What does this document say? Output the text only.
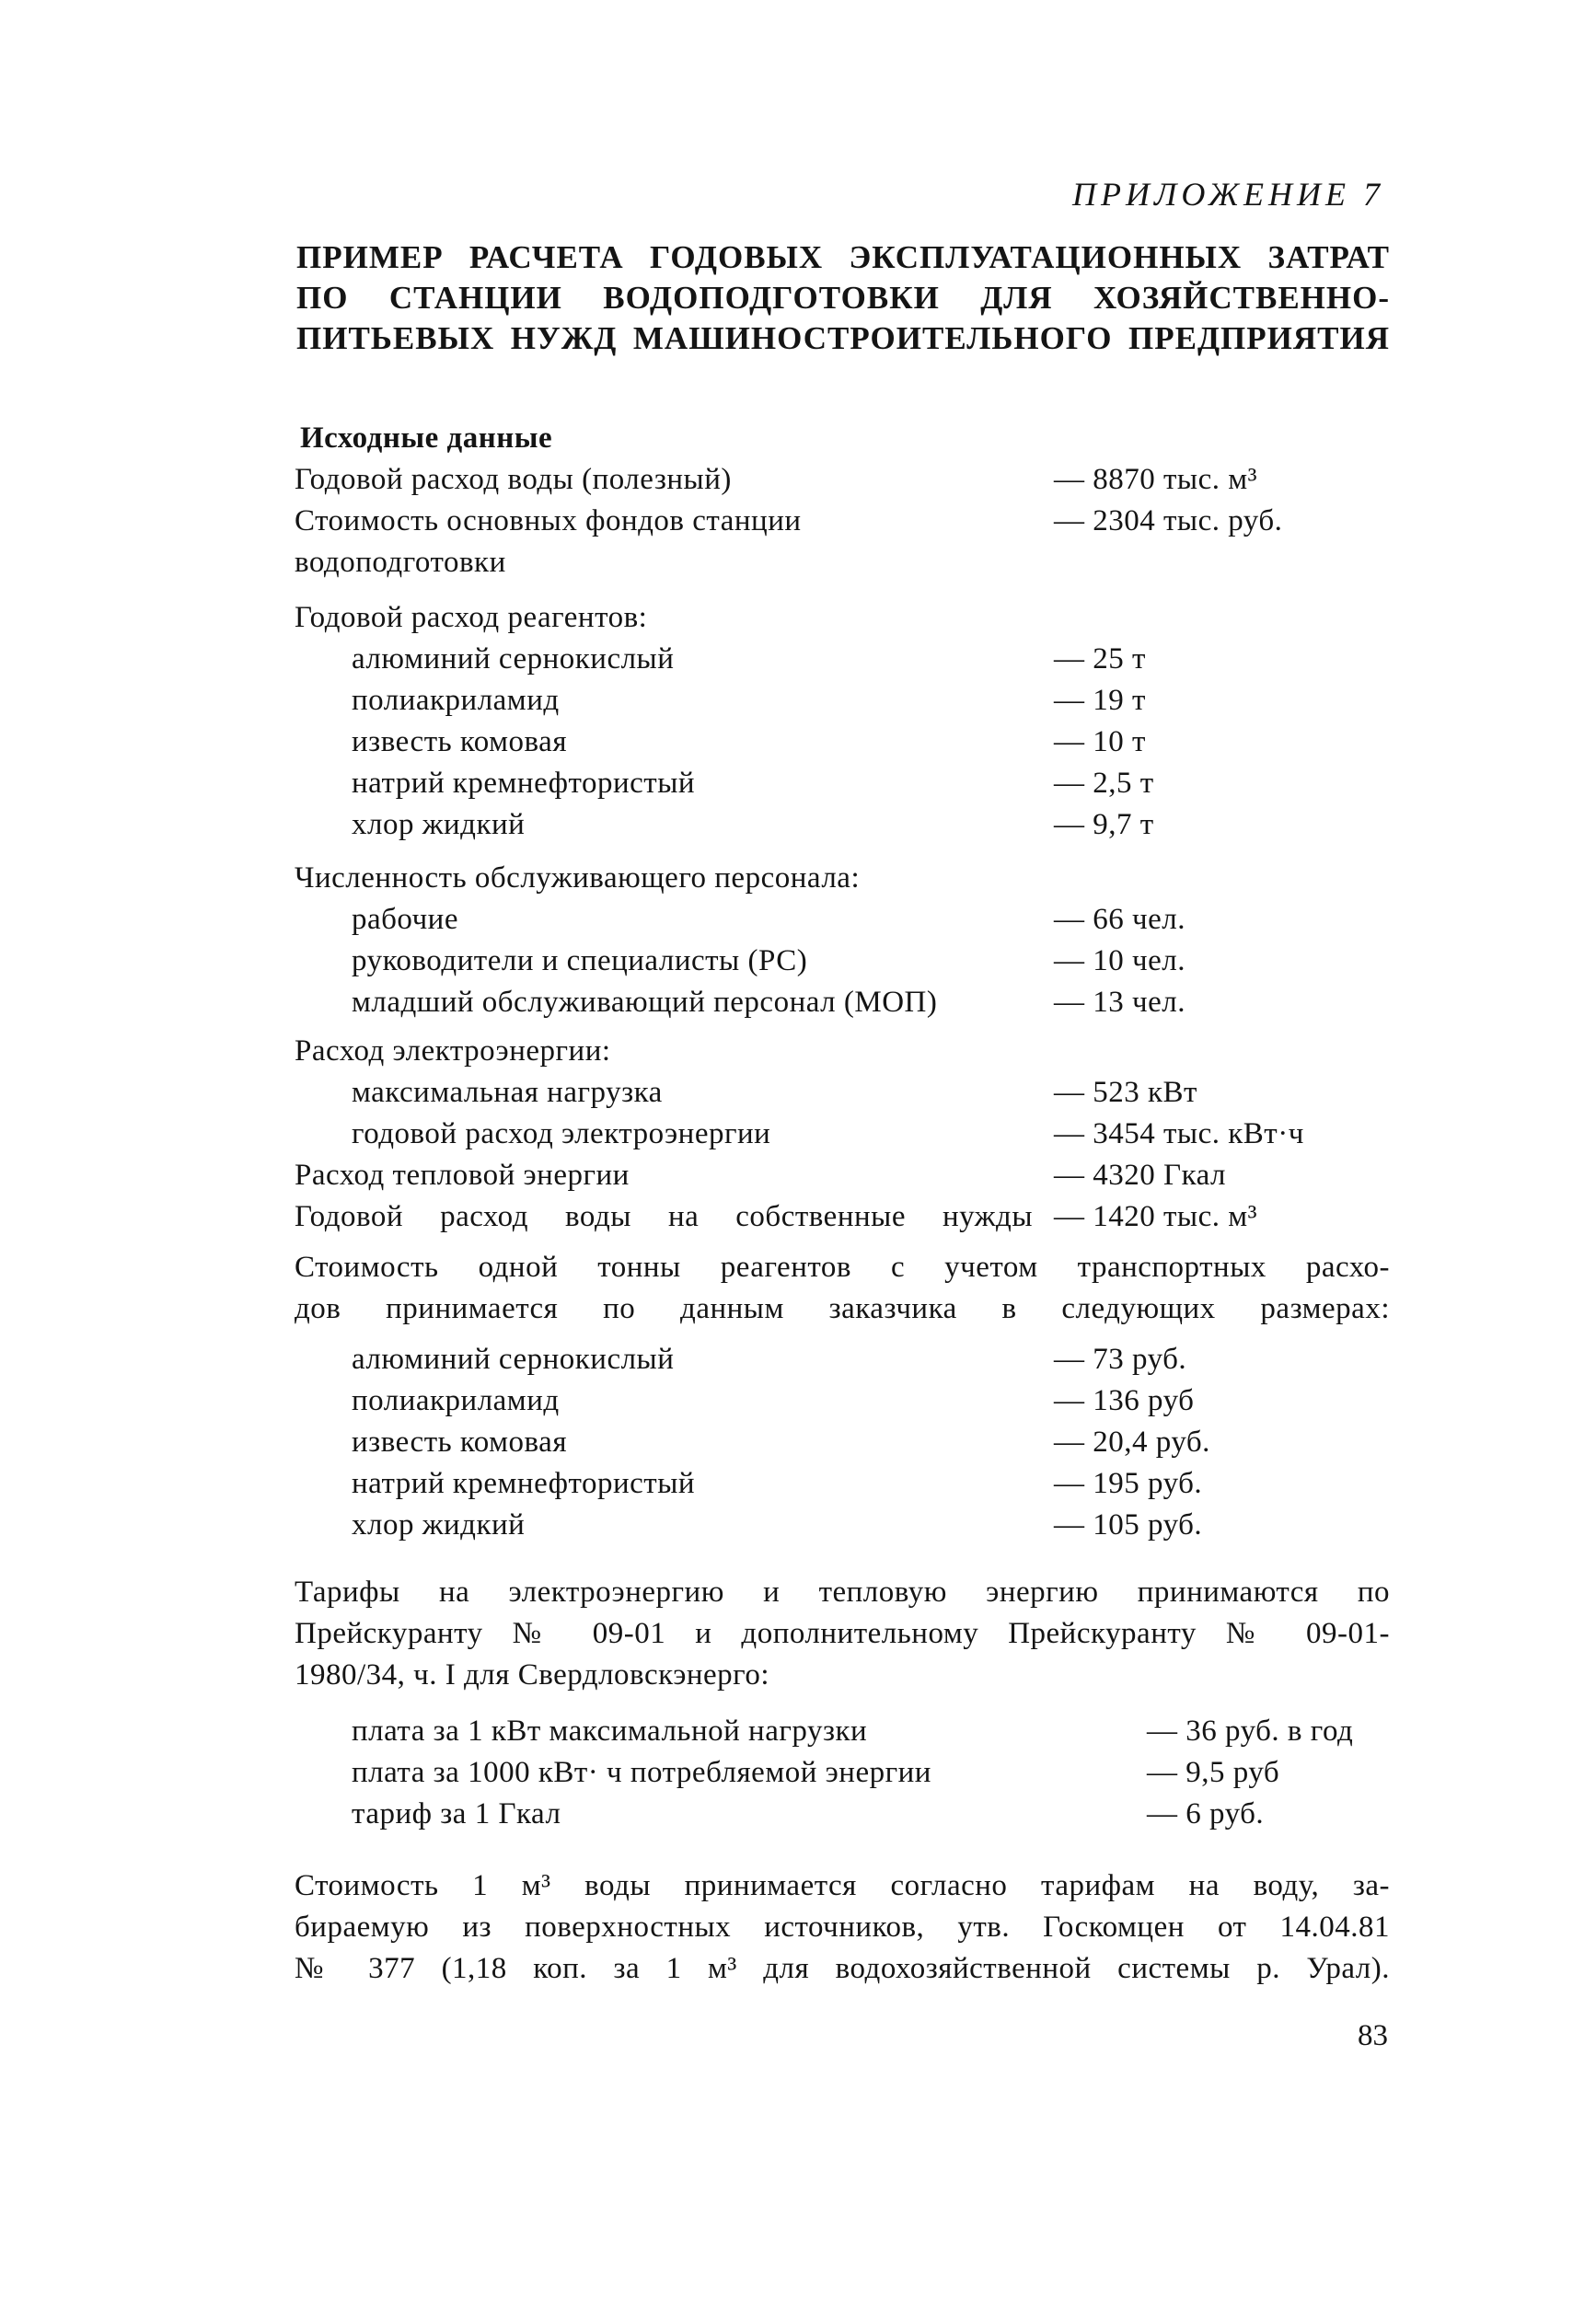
ПРИЛОЖЕНИЕ 7
ПРИМЕР РАСЧЕТА ГОДОВЫХ ЭКСПЛУАТАЦИОННЫХ ЗАТРАТ
ПО СТАНЦИИ ВОДОПОДГОТОВКИ ДЛЯ ХОЗЯЙСТВЕННО-
ПИТЬЕВЫХ НУЖД МАШИНОСТРОИТЕЛЬНОГО ПРЕДПРИЯТИЯ
Исходные данные
Годовой расход воды (полезный)	— 8870 тыс. м³
Стоимость основных фондов станции	— 2304 тыс. руб.
водоподготовки
Годовой расход реагентов:
алюминий сернокислый	— 25 т
полиакриламид	— 19 т
известь комовая	— 10 т
натрий кремнефтористый	— 2,5 т
хлор жидкий	— 9,7 т
Численность обслуживающего персонала:
рабочие	— 66 чел.
руководители и специалисты (РС)	— 10 чел.
младший обслуживающий персонал (МОП)	— 13 чел.
Расход электроэнергии:
максимальная нагрузка	— 523 кВт
годовой расход электроэнергии	— 3454 тыс. кВт·ч
Расход тепловой энергии	— 4320 Гкал
Годовой расход воды на собственные нужды — 1420 тыс. м³
Стоимость одной тонны реагентов с учетом транспортных расхо-
дов принимается по данным заказчика в следующих размерах:
алюминий сернокислый	— 73 руб.
полиакриламид	— 136 руб
известь комовая	— 20,4 руб.
натрий кремнефтористый	— 195 руб.
хлор жидкий	— 105 руб.
Тарифы на электроэнергию и тепловую энергию принимаются по
Прейскуранту № 09-01 и дополнительному Прейскуранту № 09-01-
1980/34, ч. I для Свердловскэнерго:
плата за 1 кВт максимальной нагрузки	— 36 руб. в год
плата за 1000 кВт· ч потребляемой энергии	— 9,5 руб
тариф за 1 Гкал	— 6 руб.
Стоимость 1 м³ воды принимается согласно тарифам на воду, за-
бираемую из поверхностных источников, утв. Госкомцен от 14.04.81
№ 377 (1,18 коп. за 1 м³ для водохозяйственной системы р. Урал).
83
